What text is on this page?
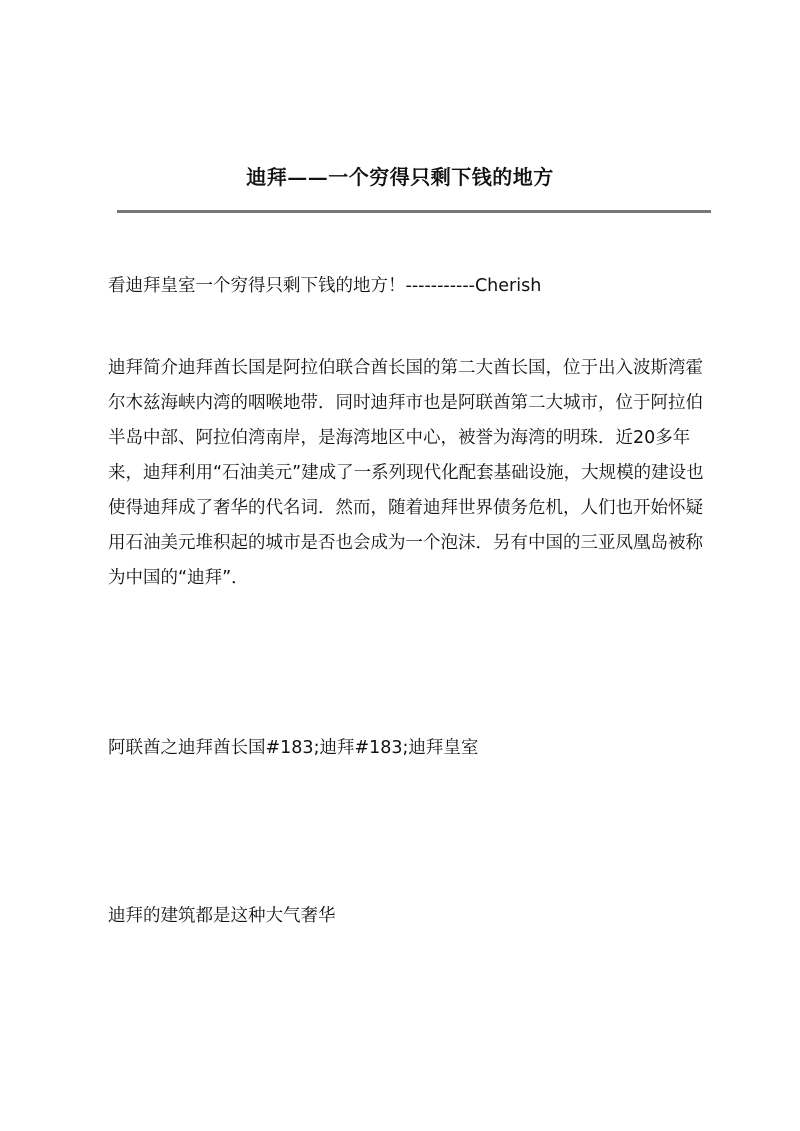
迪拜——一个穷得只剩下钱的地方

看迪拜皇室一个穷得只剩下钱的地方！-----------Cherish

迪拜简介迪拜酋长国是阿拉伯联合酋长国的第二大酋长国，位于出入波斯湾霍尔木兹海峡内湾的咽喉地带．同时迪拜市也是阿联酋第二大城市，位于阿拉伯半岛中部、阿拉伯湾南岸，是海湾地区中心，被誉为海湾的明珠．近20多年来，迪拜利用“石油美元”建成了一系列现代化配套基础设施，大规模的建设也使得迪拜成了奢华的代名词．然而，随着迪拜世界债务危机，人们也开始怀疑用石油美元堆积起的城市是否也会成为一个泡沫．另有中国的三亚凤凰岛被称为中国的“迪拜”．

阿联酋之迪拜酋长国#183;迪拜#183;迪拜皇室

迪拜的建筑都是这种大气奢华
